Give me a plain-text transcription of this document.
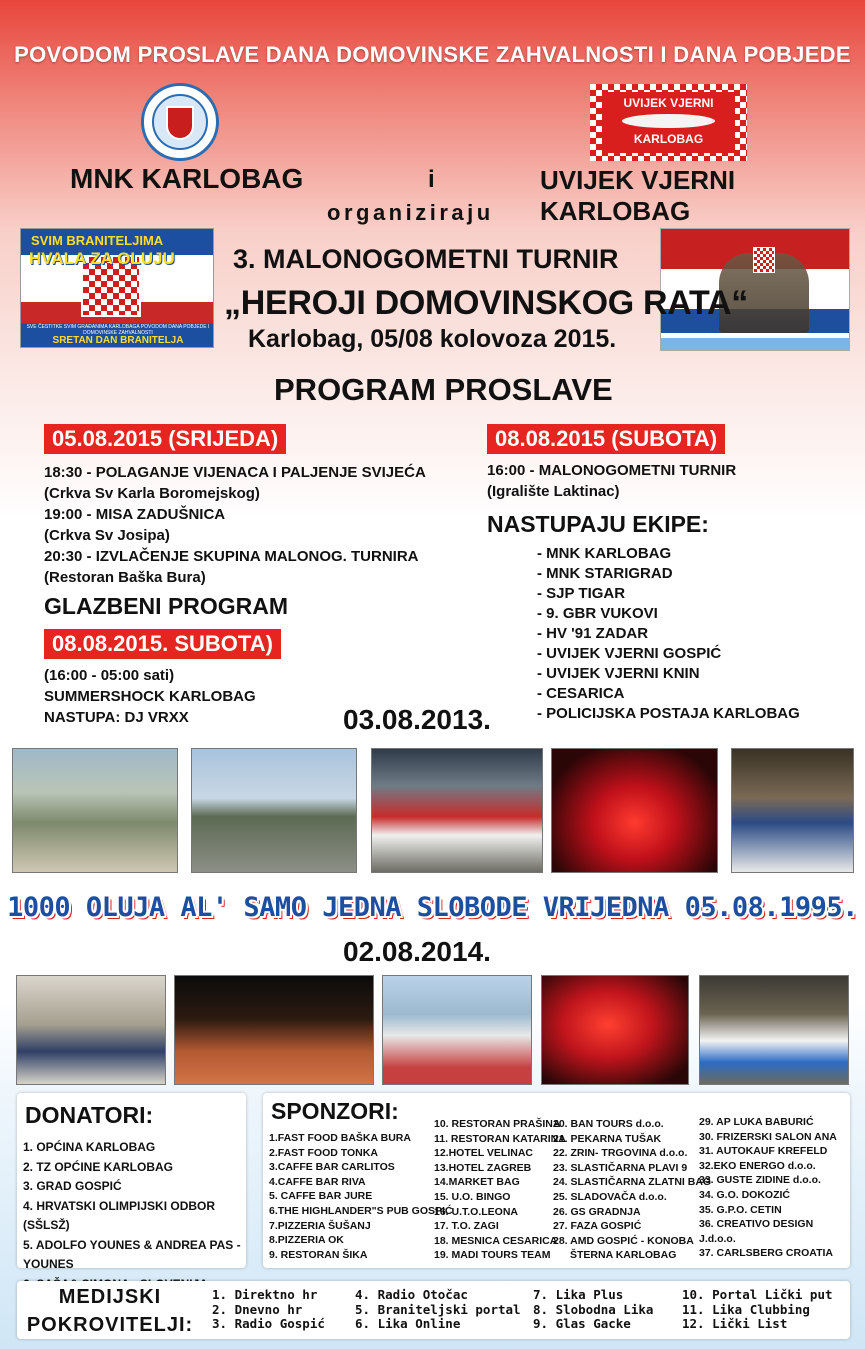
POVODOM PROSLAVE DANA DOMOVINSKE ZAHVALNOSTI I DANA POBJEDE
UVIJEK VJERNI
KARLOBAG
MNK KARLOBAG	i	UVIJEK VJERNI KARLOBAG
organiziraju
SVIM BRANITELJIMA
HVALA ZA OLUJU
SVE ČESTITKE SVIM GRAĐANIMA KARLOBAGA POVODOM DANA POBJEDE I DOMOVINSKE ZAHVALNOSTI
SRETAN DAN BRANITELJA
3. MALONOGOMETNI TURNIR
„HEROJI DOMOVINSKOG RATA“
Karlobag, 05/08 kolovoza 2015.
PROGRAM PROSLAVE
05.08.2015 (SRIJEDA)
18:30 - POLAGANJE VIJENACA I PALJENJE SVIJEĆA
(Crkva Sv Karla Boromejskog)
19:00 - MISA ZADUŠNICA
(Crkva Sv Josipa)
20:30 - IZVLAČENJE SKUPINA MALONOG. TURNIRA
(Restoran Baška Bura)
GLAZBENI PROGRAM
08.08.2015. SUBOTA)
(16:00 - 05:00 sati)
SUMMERSHOCK KARLOBAG
NASTUPA: DJ VRXX
08.08.2015 (SUBOTA)
16:00 - MALONOGOMETNI TURNIR
(Igralište Laktinac)
NASTUPAJU EKIPE:
- MNK KARLOBAG
- MNK STARIGRAD
- SJP TIGAR
- 9. GBR VUKOVI
- HV '91 ZADAR
- UVIJEK VJERNI GOSPIĆ
- UVIJEK VJERNI KNIN
- CESARICA
- POLICIJSKA POSTAJA KARLOBAG
03.08.2013.
1000 OLUJA AL' SAMO JEDNA SLOBODE VRIJEDNA 05.08.1995.
02.08.2014.
DONATORI:
1. OPĆINA KARLOBAG
2. TZ OPĆINE KARLOBAG
3. GRAD GOSPIĆ
4. HRVATSKI OLIMPIJSKI ODBOR (SŠLSŽ)
5. ADOLFO YOUNES & ANDREA PAS - YOUNES
SPONZORI:
1.FAST FOOD BAŠKA BURA
2.FAST FOOD TONKA
3.CAFFE BAR CARLITOS
4.CAFFE BAR RIVA
5. CAFFE BAR JURE
6.THE HIGHLANDER"S PUB GOSPIĆ
7.PIZZERIA ŠUŠANJ
8.PIZZERIA OK
9. RESTORAN ŠIKA
10. RESTORAN PRAŠINA
11. RESTORAN KATARINA
12.HOTEL VELINAC
13.HOTEL ZAGREB
14.MARKET BAG
15. U.O. BINGO
16. U.T.O.LEONA
17. T.O. ZAGI
18. MESNICA CESARICA
19. MADI TOURS TEAM
20. BAN TOURS d.o.o.
21. PEKARNA TUŠAK
22. ZRIN- TRGOVINA d.o.o.
23. SLASTIČARNA PLAVI 9
24. SLASTIČARNA ZLATNI BAG
25. SLADOVAČA d.o.o.
26. GS GRADNJA
27. FAZA GOSPIĆ
28. AMD GOSPIĆ - KONOBA
ŠTERNA KARLOBAG
29. AP LUKA BABURIĆ
30. FRIZERSKI SALON ANA
31. AUTOKAUF KREFELD
32.EKO ENERGO d.o.o.
33. GUSTE ZIDINE d.o.o.
34. G.O. DOKOZIĆ
35. G.P.O. CETIN
36. CREATIVO DESIGN J.d.o.o.
37. CARLSBERG CROATIA
MEDIJSKI
POKROVITELJI:
1. Direktno hr
2. Dnevno hr
3. Radio Gospić
4. Radio Otočac
5. Braniteljski portal
6. Lika Online
7. Lika Plus
8. Slobodna Lika
9. Glas Gacke
10. Portal Lički put
11. Lika Clubbing
12. Lički List
